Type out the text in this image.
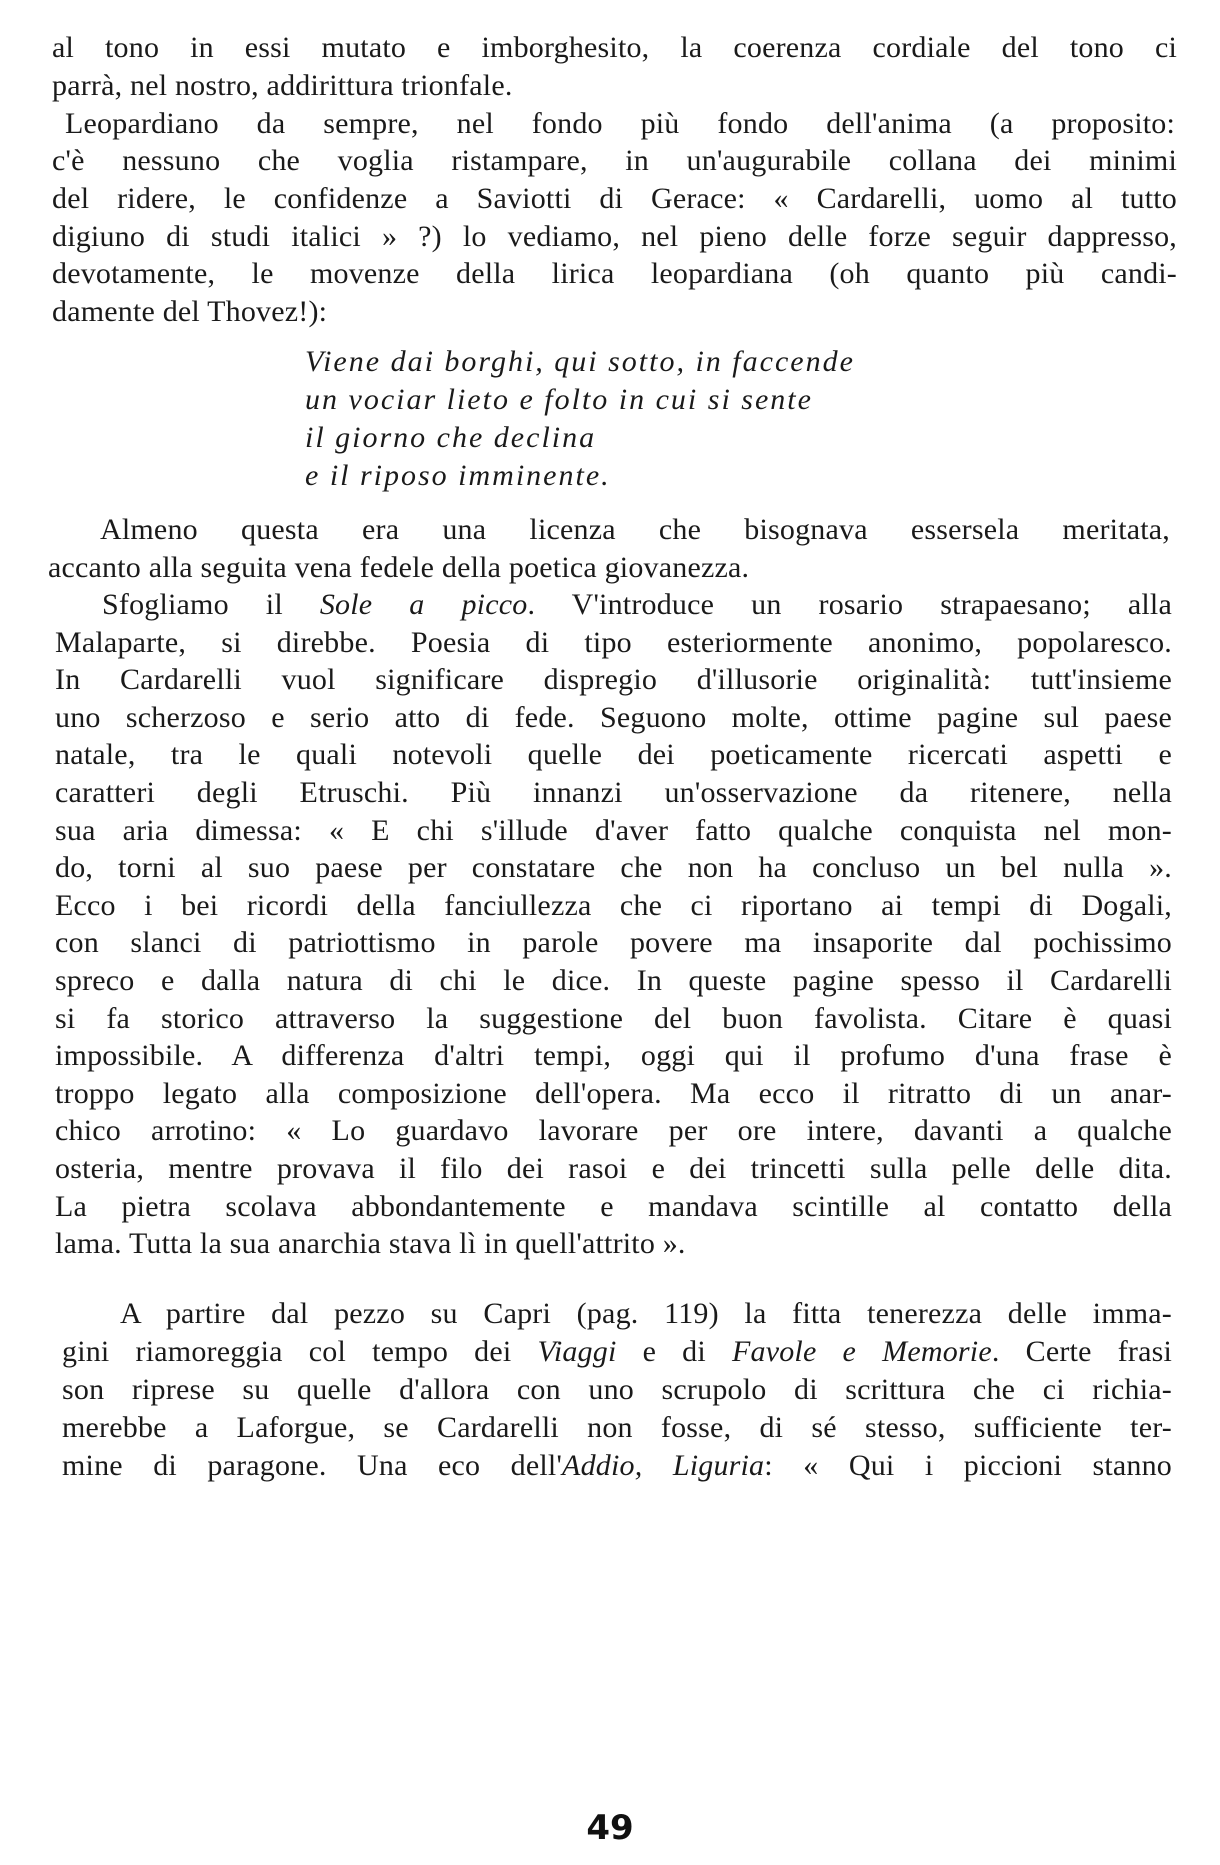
al tono in essi mutato e imborghesito, la coerenza cordiale del tono ci
parrà, nel nostro, addirittura trionfale.
Leopardiano da sempre, nel fondo più fondo dell'anima (a proposito:
c'è nessuno che voglia ristampare, in un'augurabile collana dei minimi
del ridere, le confidenze a Saviotti di Gerace: « Cardarelli, uomo al tutto
digiuno di studi italici » ?) lo vediamo, nel pieno delle forze seguir dappresso,
devotamente, le movenze della lirica leopardiana (oh quanto più candi-
damente del Thovez!):
Viene dai borghi, qui sotto, in faccende
un vociar lieto e folto in cui si sente
il giorno che declina
e il riposo imminente.
Almeno questa era una licenza che bisognava essersela meritata,
accanto alla seguita vena fedele della poetica giovanezza.
Sfogliamo il Sole a picco. V'introduce un rosario strapaesano; alla
Malaparte, si direbbe. Poesia di tipo esteriormente anonimo, popolaresco.
In Cardarelli vuol significare dispregio d'illusorie originalità: tutt'insieme
uno scherzoso e serio atto di fede. Seguono molte, ottime pagine sul paese
natale, tra le quali notevoli quelle dei poeticamente ricercati aspetti e
caratteri degli Etruschi. Più innanzi un'osservazione da ritenere, nella
sua aria dimessa: « E chi s'illude d'aver fatto qualche conquista nel mon-
do, torni al suo paese per constatare che non ha concluso un bel nulla ».
Ecco i bei ricordi della fanciullezza che ci riportano ai tempi di Dogali,
con slanci di patriottismo in parole povere ma insaporite dal pochissimo
spreco e dalla natura di chi le dice. In queste pagine spesso il Cardarelli
si fa storico attraverso la suggestione del buon favolista. Citare è quasi
impossibile. A differenza d'altri tempi, oggi qui il profumo d'una frase è
troppo legato alla composizione dell'opera. Ma ecco il ritratto di un anar-
chico arrotino: « Lo guardavo lavorare per ore intere, davanti a qualche
osteria, mentre provava il filo dei rasoi e dei trincetti sulla pelle delle dita.
La pietra scolava abbondantemente e mandava scintille al contatto della
lama. Tutta la sua anarchia stava lì in quell'attrito ».
A partire dal pezzo su Capri (pag. 119) la fitta tenerezza delle imma-
gini riamoreggia col tempo dei Viaggi e di Favole e Memorie. Certe frasi
son riprese su quelle d'allora con uno scrupolo di scrittura che ci richia-
merebbe a Laforgue, se Cardarelli non fosse, di sé stesso, sufficiente ter-
mine di paragone. Una eco dell'Addio, Liguria: « Qui i piccioni stanno
49
